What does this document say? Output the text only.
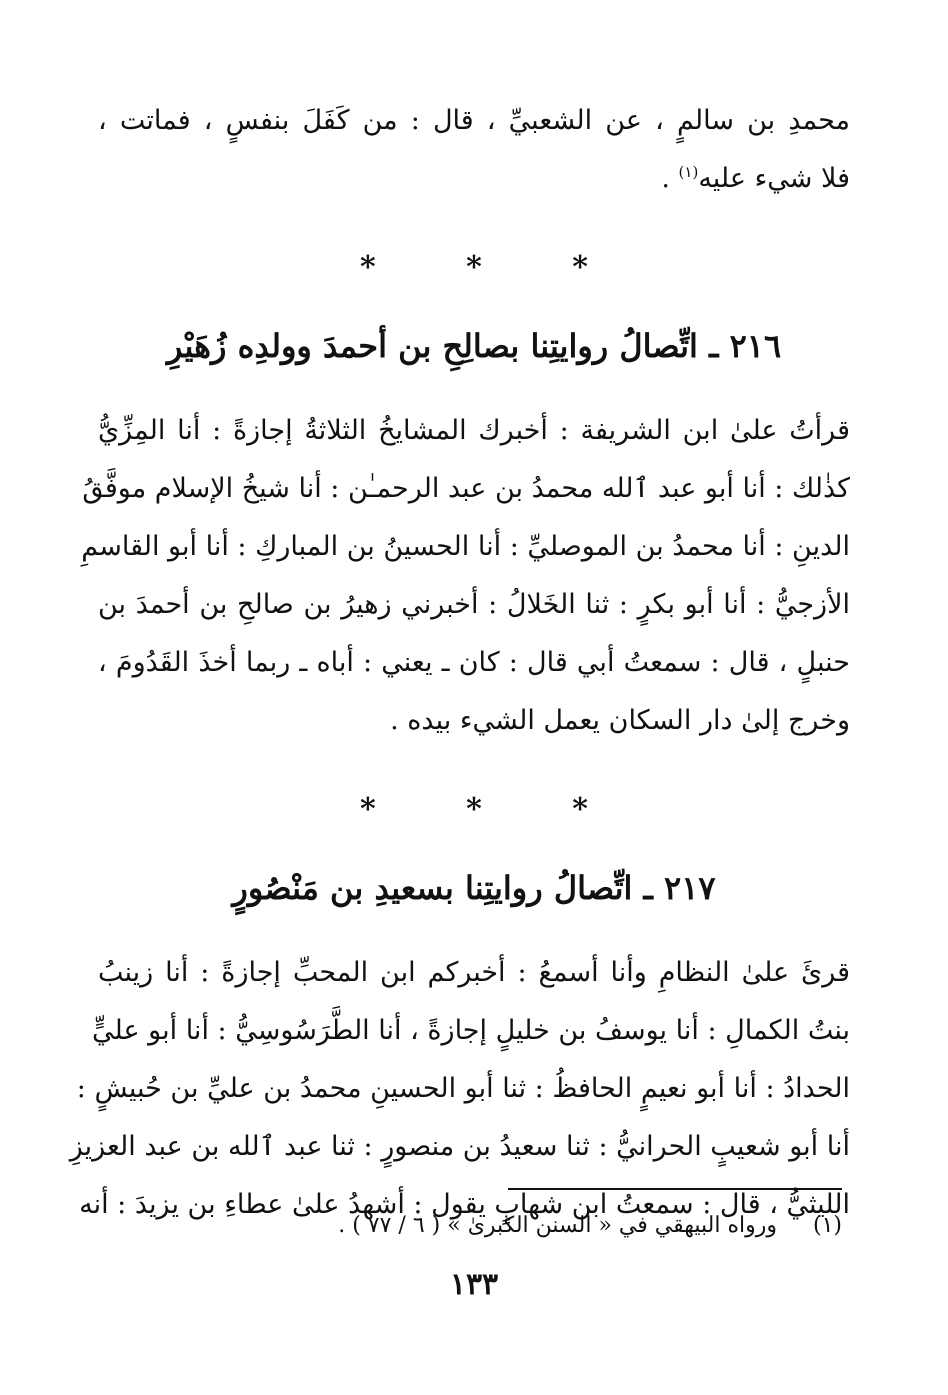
محمدِ بن سالمٍ ، عن الشعبيِّ ، قال : من كَفَلَ بنفسٍ ، فماتت ،
فلا شيء عليه$^{(١)}$ .
* * *
٢١٦ ـ اتِّصالُ روايتِنا بصالِحِ بن أحمدَ وولدِه زُهَيْرِ
قرأتُ علىٰ ابن الشريفة : أخبرك المشايخُ الثلاثةُ إجازةً : أنا المِزِّيُّ
كذٰلك : أنا أبو عبد ٱلله محمدُ بن عبد الرحمـٰن : أنا شيخُ الإسلام موفَّقُ
الدينِ : أنا محمدُ بن الموصليِّ : أنا الحسينُ بن المباركِ : أنا أبو القاسمِ
الأزجيُّ : أنا أبو بكرٍ : ثنا الخَلالُ : أخبرني زهيرُ بن صالحِ بن أحمدَ بن
حنبلٍ ، قال : سمعتُ أبي قال : كان ـ يعني : أباه ـ ربما أخذَ القَدُومَ ،
وخرج إلىٰ دار السكان يعمل الشيء بيده .
* * *
٢١٧ ـ اتِّصالُ روايتِنا بسعيدِ بن مَنْصُورٍ
قرئَ علىٰ النظامِ وأنا أسمعُ : أخبركم ابن المحبِّ إجازةً : أنا زينبُ
بنتُ الكمالِ : أنا يوسفُ بن خليلٍ إجازةً ، أنا الطَّرَسُوسِيُّ : أنا أبو عليٍّ
الحدادُ : أنا أبو نعيمٍ الحافظُ : ثنا أبو الحسينِ محمدُ بن عليِّ بن حُبيشٍ :
أنا أبو شعيبٍ الحرانيُّ : ثنا سعيدُ بن منصورٍ : ثنا عبد ٱلله بن عبد العزيزِ
الليثيُّ ، قال : سمعتُ ابن شهابٍ يقول : أشهدُ علىٰ عطاءِ بن يزيدَ : أنه
(١)  ورواه البيهقي في « السنن الكبرىٰ » ( ٦ / ٧٧ ) .
١٣٣
